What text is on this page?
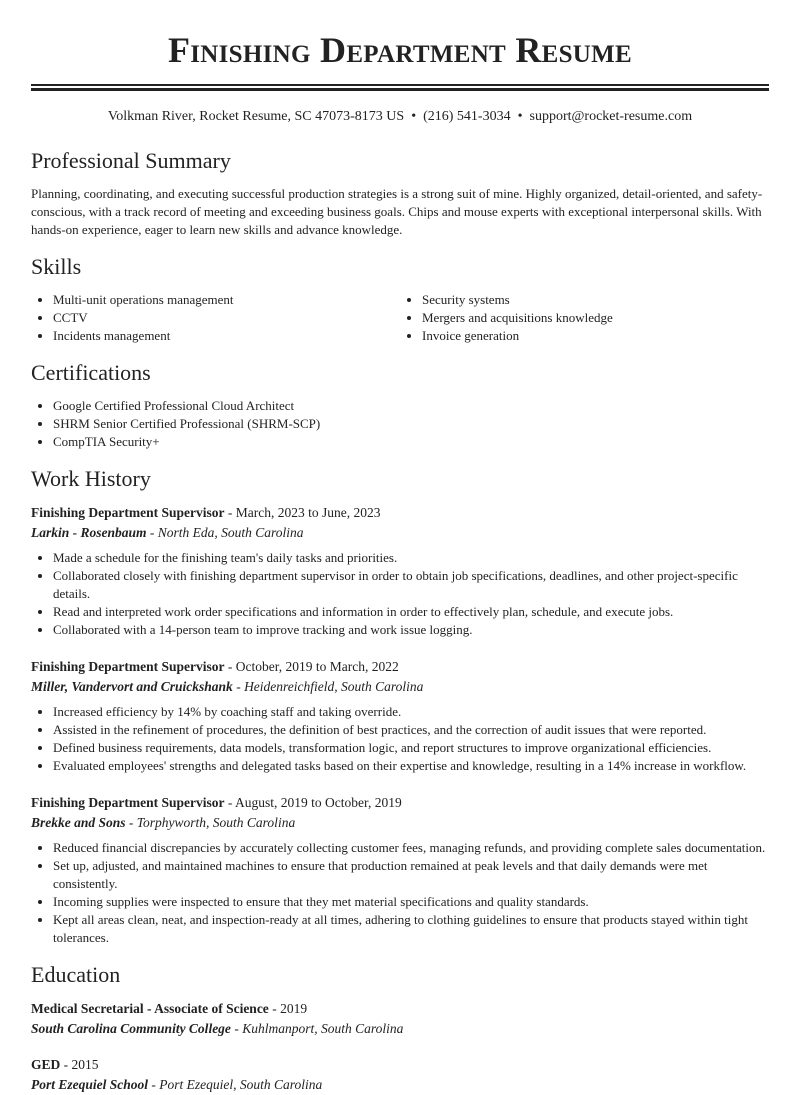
Finishing Department Resume
Volkman River, Rocket Resume, SC 47073-8173 US • (216) 541-3034 • support@rocket-resume.com
Professional Summary

Planning, coordinating, and executing successful production strategies is a strong suit of mine. Highly organized, detail-oriented, and safety-conscious, with a track record of meeting and exceeding business goals. Chips and mouse experts with exceptional interpersonal skills. With hands-on experience, eager to learn new skills and advance knowledge.

Skills
• Multi-unit operations management
• CCTV
• Incidents management
• Security systems
• Mergers and acquisitions knowledge
• Invoice generation
Certifications
• Google Certified Professional Cloud Architect
• SHRM Senior Certified Professional (SHRM-SCP)
• CompTIA Security+
Work History
Finishing Department Supervisor - March, 2023 to June, 2023
Larkin - Rosenbaum - North Eda, South Carolina
• Made a schedule for the finishing team's daily tasks and priorities.
• Collaborated closely with finishing department supervisor in order to obtain job specifications, deadlines, and other project-specific details.
• Read and interpreted work order specifications and information in order to effectively plan, schedule, and execute jobs.
• Collaborated with a 14-person team to improve tracking and work issue logging.
Finishing Department Supervisor - October, 2019 to March, 2022
Miller, Vandervort and Cruickshank - Heidenreichfield, South Carolina
• Increased efficiency by 14% by coaching staff and taking override.
• Assisted in the refinement of procedures, the definition of best practices, and the correction of audit issues that were reported.
• Defined business requirements, data models, transformation logic, and report structures to improve organizational efficiencies.
• Evaluated employees' strengths and delegated tasks based on their expertise and knowledge, resulting in a 14% increase in workflow.
Finishing Department Supervisor - August, 2019 to October, 2019
Brekke and Sons - Torphyworth, South Carolina
• Reduced financial discrepancies by accurately collecting customer fees, managing refunds, and providing complete sales documentation.
• Set up, adjusted, and maintained machines to ensure that production remained at peak levels and that daily demands were met consistently.
• Incoming supplies were inspected to ensure that they met material specifications and quality standards.
• Kept all areas clean, neat, and inspection-ready at all times, adhering to clothing guidelines to ensure that products stayed within tight tolerances.
Education
Medical Secretarial - Associate of Science - 2019
South Carolina Community College - Kuhlmanport, South Carolina
GED - 2015
Port Ezequiel School - Port Ezequiel, South Carolina
